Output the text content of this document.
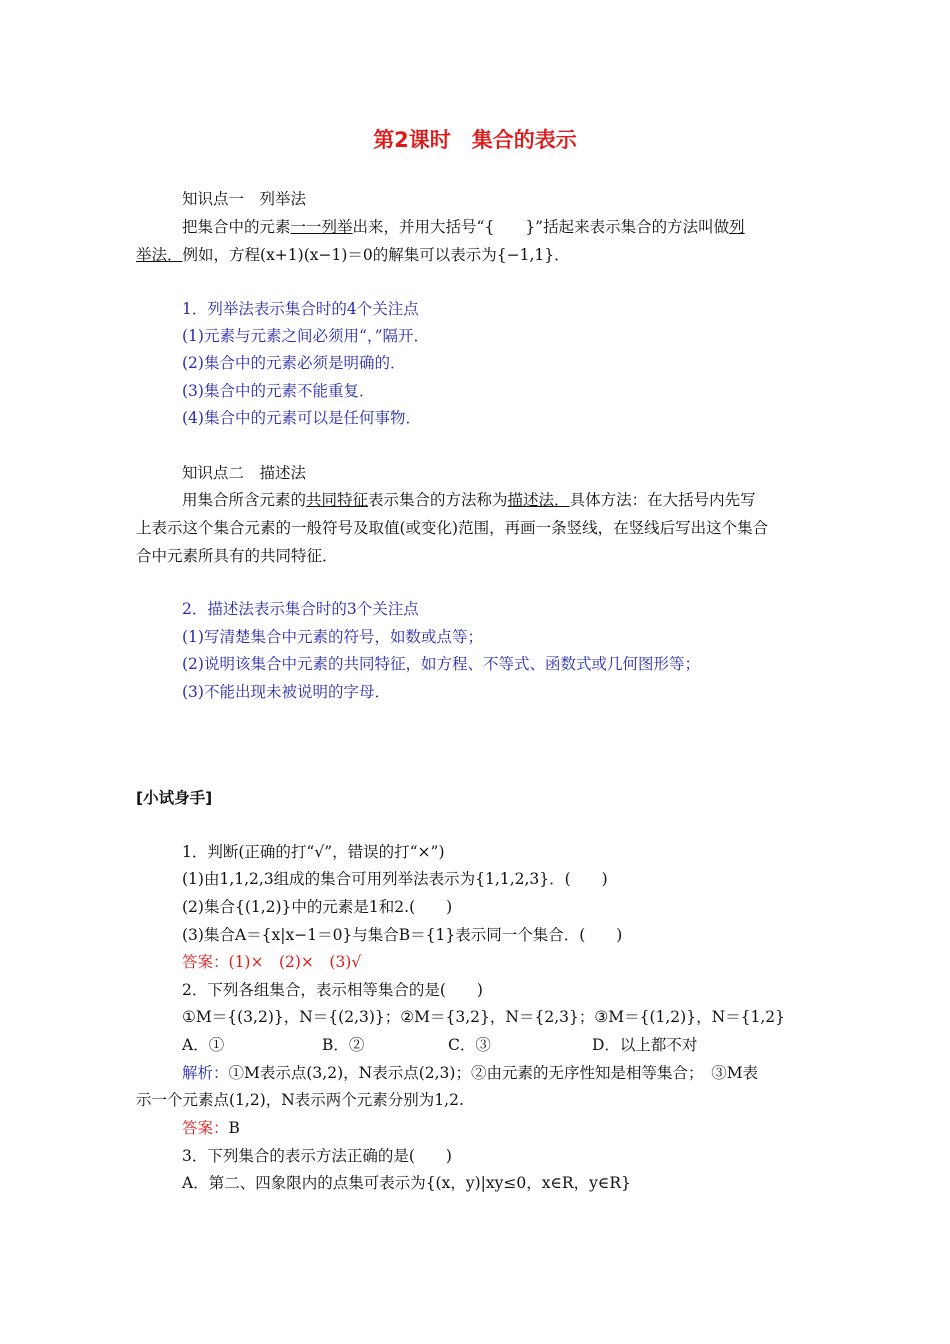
第2课时　集合的表示
知识点一　列举法
把集合中的元素一一列举出来，并用大括号“{　　}”括起来表示集合的方法叫做列
举法．例如，方程(x+1)(x−1)＝0的解集可以表示为{−1,1}．
1．列举法表示集合时的4个关注点
(1)元素与元素之间必须用“，”隔开．
(2)集合中的元素必须是明确的．
(3)集合中的元素不能重复．
(4)集合中的元素可以是任何事物．
知识点二　描述法
用集合所含元素的共同特征表示集合的方法称为描述法．具体方法：在大括号内先写
上表示这个集合元素的一般符号及取值(或变化)范围，再画一条竖线，在竖线后写出这个集合
合中元素所具有的共同特征．
2．描述法表示集合时的3个关注点
(1)写清楚集合中元素的符号，如数或点等；
(2)说明该集合中元素的共同特征，如方程、不等式、函数式或几何图形等；
(3)不能出现未被说明的字母．
[小试身手]
1．判断(正确的打“√”，错误的打“×”)
(1)由1,1,2,3组成的集合可用列举法表示为{1,1,2,3}．(　　)
(2)集合{(1,2)}中的元素是1和2.(　　)
(3)集合A＝{x|x−1＝0}与集合B＝{1}表示同一个集合．(　　)
答案：(1)×　(2)×　(3)√
2．下列各组集合，表示相等集合的是(　　)
①M＝{(3,2)}，N＝{(2,3)}；②M＝{3,2}，N＝{2,3}；③M＝{(1,2)}，N＝{1,2}
A．①	B．②	C．③	D．以上都不对
解析：①M表示点(3,2)，N表示点(2,3)；②由元素的无序性知是相等集合；　③M表
示一个元素点(1,2)，N表示两个元素分别为1,2.
答案：B
3．下列集合的表示方法正确的是(　　)
A．第二、四象限内的点集可表示为{(x，y)|xy≤0，x∈R，y∈R}
